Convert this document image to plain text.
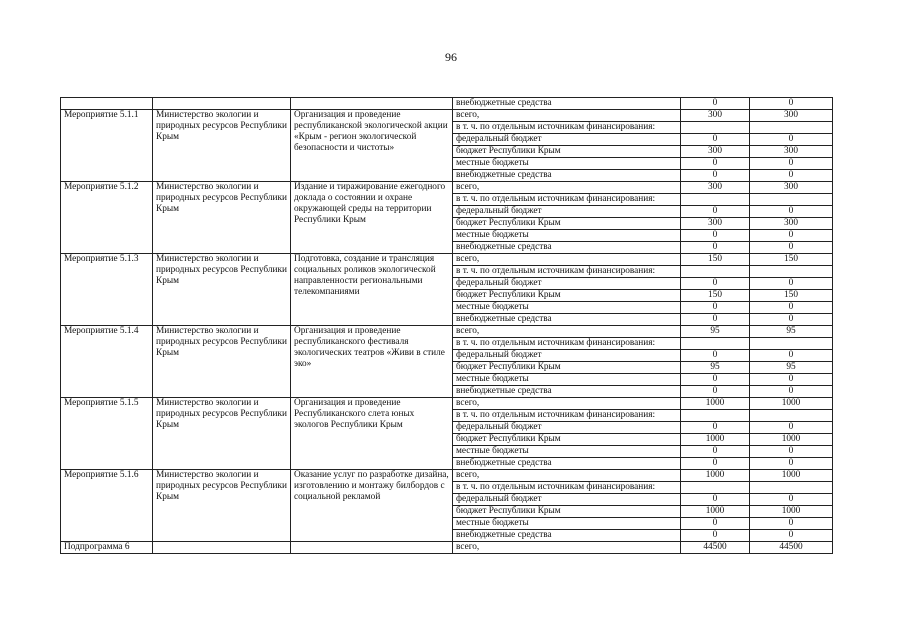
96
			внебюджетные средства	0	0
Мероприятие 5.1.1	Министерство экологии и природных ресурсов Республики Крым	Организация и проведение республиканской экологической акции «Крым - регион экологической безопасности и чистоты»	всего,	300	300
			в т. ч. по отдельным источникам финансирования:		
			федеральный бюджет	0	0
			бюджет Республики Крым	300	300
			местные бюджеты	0	0
			внебюджетные средства	0	0
Мероприятие 5.1.2	Министерство экологии и природных ресурсов Республики Крым	Издание и тиражирование ежегодного доклада о состоянии и охране окружающей среды на территории Республики Крым	всего,	300	300
			в т. ч. по отдельным источникам финансирования:		
			федеральный бюджет	0	0
			бюджет Республики Крым	300	300
			местные бюджеты	0	0
			внебюджетные средства	0	0
Мероприятие 5.1.3	Министерство экологии и природных ресурсов Республики Крым	Подготовка, создание и трансляция социальных роликов экологической направленности региональными телекомпаниями	всего,	150	150
			в т. ч. по отдельным источникам финансирования:		
			федеральный бюджет	0	0
			бюджет Республики Крым	150	150
			местные бюджеты	0	0
			внебюджетные средства	0	0
Мероприятие 5.1.4	Министерство экологии и природных ресурсов Республики Крым	Организация и проведение республиканского фестиваля экологических театров «Живи в стиле эко»	всего,	95	95
			в т. ч. по отдельным источникам финансирования:		
			федеральный бюджет	0	0
			бюджет Республики Крым	95	95
			местные бюджеты	0	0
			внебюджетные средства	0	0
Мероприятие 5.1.5	Министерство экологии и природных ресурсов Республики Крым	Организация и проведение Республиканского слета юных экологов Республики Крым	всего,	1000	1000
			в т. ч. по отдельным источникам финансирования:		
			федеральный бюджет	0	0
			бюджет Республики Крым	1000	1000
			местные бюджеты	0	0
			внебюджетные средства	0	0
Мероприятие 5.1.6	Министерство экологии и природных ресурсов Республики Крым	Оказание услуг по разработке дизайна, изготовлению и монтажу билбордов с социальной рекламой	всего,	1000	1000
			в т. ч. по отдельным источникам финансирования:		
			федеральный бюджет	0	0
			бюджет Республики Крым	1000	1000
			местные бюджеты	0	0
			внебюджетные средства	0	0
Подпрограмма 6			всего,	44500	44500
